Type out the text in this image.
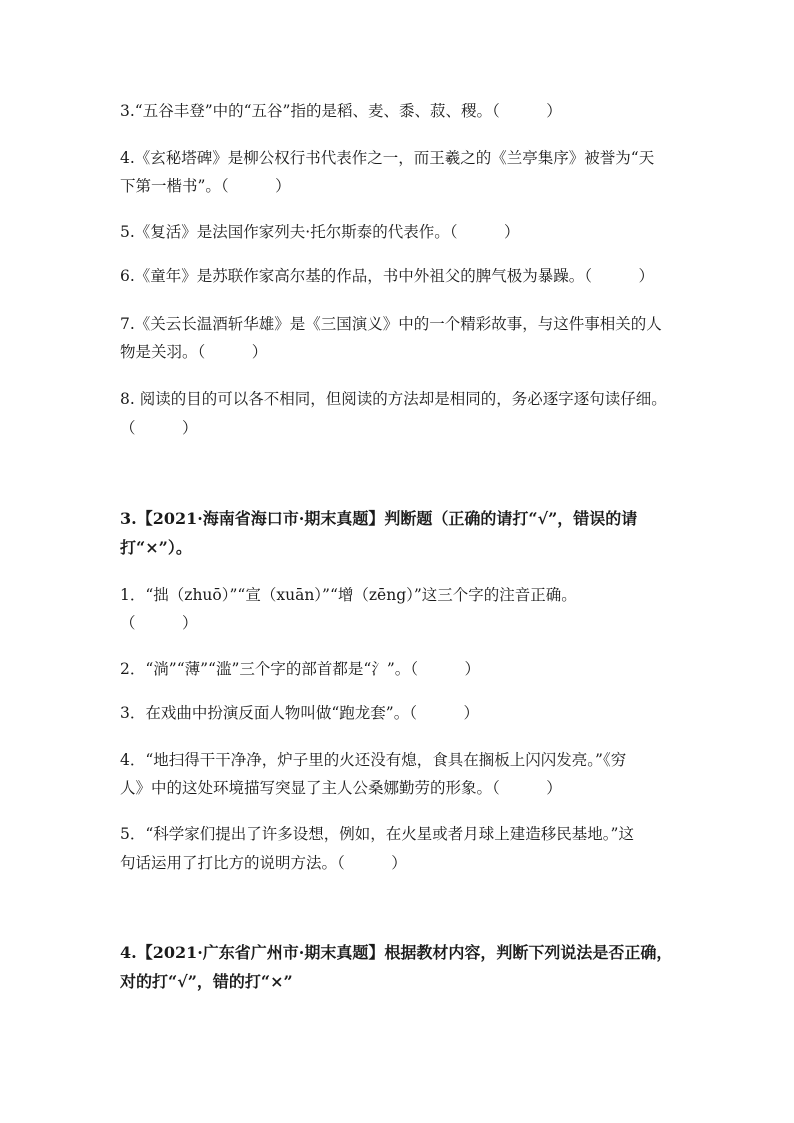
3.“五谷丰登”中的“五谷”指的是稻、麦、黍、菽、稷。（　　　）
4.《玄秘塔碑》是柳公权行书代表作之一，而王羲之的《兰亭集序》被誉为“天
下第一楷书”。（　　　）
5.《复活》是法国作家列夫·托尔斯泰的代表作。（　　　）
6.《童年》是苏联作家高尔基的作品，书中外祖父的脾气极为暴躁。（　　　）
7.《关云长温酒斩华雄》是《三国演义》中的一个精彩故事，与这件事相关的人
物是关羽。（　　　）
8. 阅读的目的可以各不相同，但阅读的方法却是相同的，务必逐字逐句读仔细。
（　　　）
3.【2021·海南省海口市·期末真题】判断题（正确的请打“√”，错误的请
打“×”）。
1．“拙（zhuō）”“宣（xuān）”“增（zēng）”这三个字的注音正确。
（　　　）
2．“淌”“薄”“滥”三个字的部首都是“氵”。（　　　）
3．在戏曲中扮演反面人物叫做“跑龙套”。（　　　）
4．“地扫得干干净净，炉子里的火还没有熄，食具在搁板上闪闪发亮。”《穷
人》中的这处环境描写突显了主人公桑娜勤劳的形象。（　　　）
5．“科学家们提出了许多设想，例如，在火星或者月球上建造移民基地。”这
句话运用了打比方的说明方法。（　　　）
4.【2021·广东省广州市·期末真题】根据教材内容，判断下列说法是否正确，
对的打“√”，错的打“×”
